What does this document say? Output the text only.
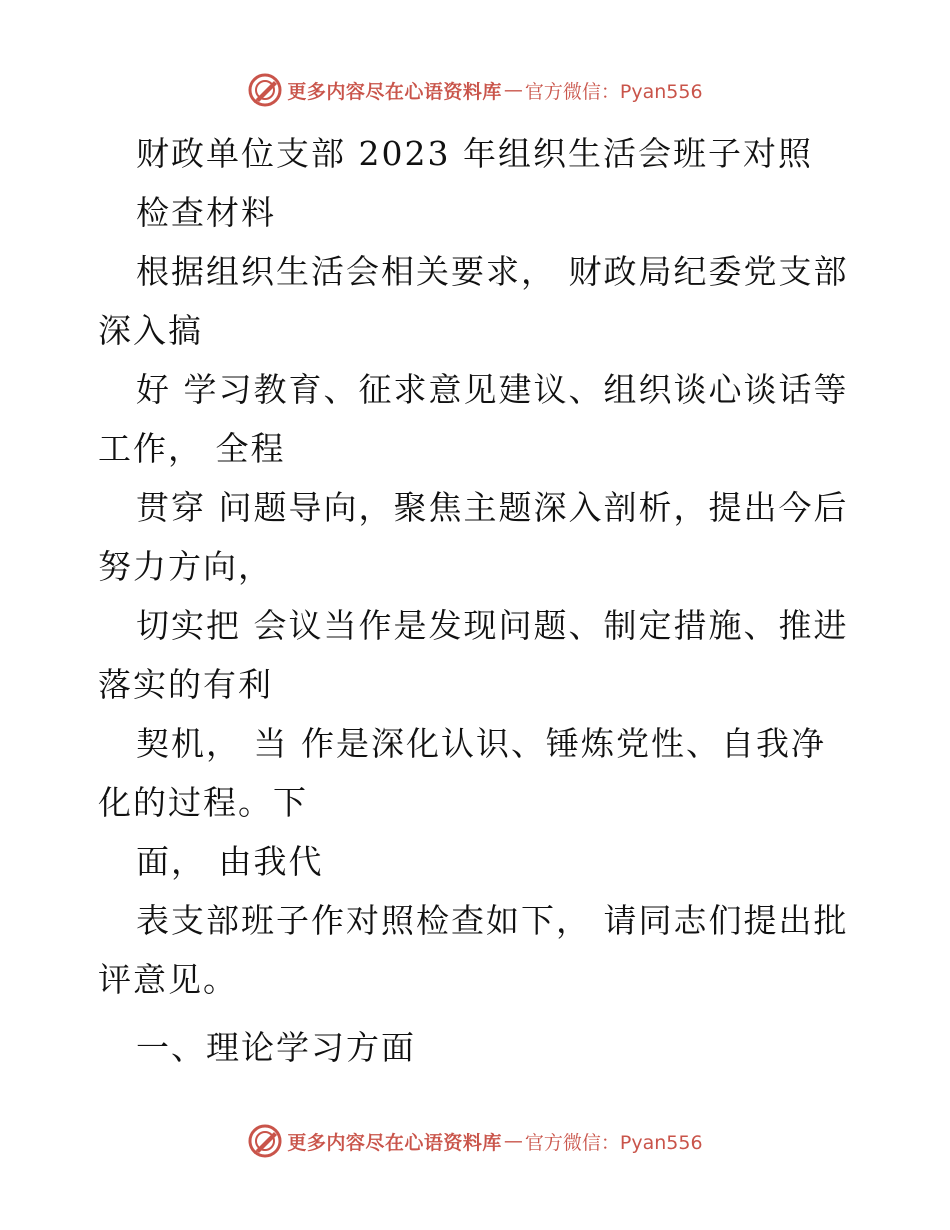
更多内容尽在心语资料库 — 官方微信：Pyan556
财政单位支部 2023 年组织生活会班子对照
检查材料
根据组织生活会相关要求， 财政局纪委党支部
深入搞
好 学习教育、征求意见建议、组织谈心谈话等
工作， 全程
贯穿 问题导向，聚焦主题深入剖析，提出今后
努力方向，
切实把 会议当作是发现问题、制定措施、推进
落实的有利
契机， 当 作是深化认识、锤炼党性、自我净
化的过程。下
面， 由我代
表支部班子作对照检查如下， 请同志们提出批
评意见。
一、理论学习方面
更多内容尽在心语资料库 — 官方微信：Pyan556
